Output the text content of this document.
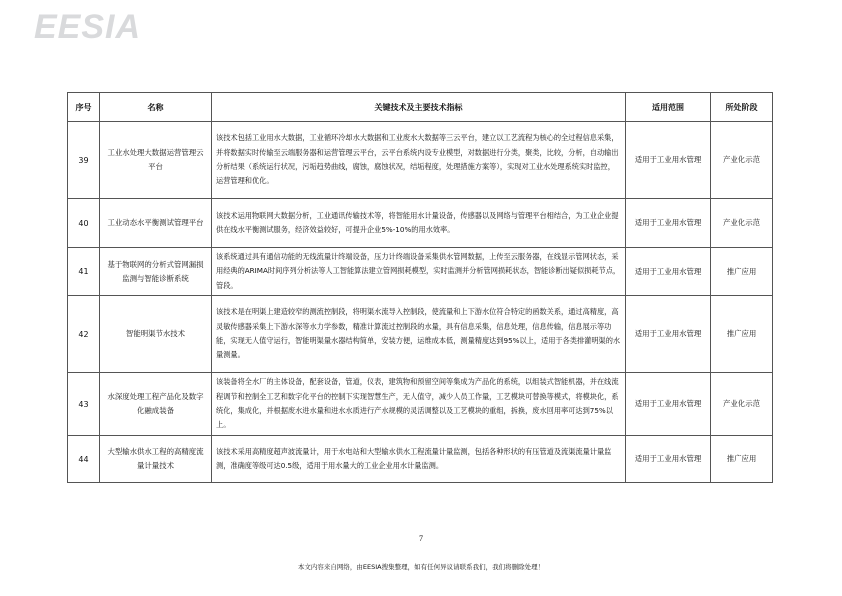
EESIA
序号	名称	关键技术及主要技术指标	适用范围	所处阶段
39	工业水处理大数据运营管理云平台	该技术包括工业用水大数据，工业循环冷却水大数据和工业废水大数据等三云平台，建立以工艺流程为核心的全过程信息采集，并将数据实时传输至云端服务器和运营管理云平台，云平台系统内设专业模型，对数据进行分类，聚类，比较，分析，自动输出分析结果（系统运行状况，污垢趋势曲线，腐蚀，腐蚀状况，结垢程度，处理措施方案等），实现对工业水处理系统实时监控，运营管理和优化。	适用于工业用水管理	产业化示范
40	工业动态水平衡测试管理平台	该技术运用物联网大数据分析，工业通讯传输技术等，将智能用水计量设备，传感器以及网络与管理平台相结合，为工业企业提供在线水平衡测试服务，经济效益较好，可提升企业5%-10%的用水效率。	适用于工业用水管理	产业化示范
41	基于物联网的分析式管网漏损监测与智能诊断系统	该系统通过具有通信功能的无线流量计终端设备，压力计终端设备采集供水管网数据，上传至云服务器，在线显示管网状态，采用经典的ARIMA时间序列分析法等人工智能算法建立管网损耗模型，实时监测并分析管网损耗状态，智能诊断出疑似损耗节点，管段。	适用于工业用水管理	推广应用
42	智能明渠节水技术	该技术是在明渠上建造较窄的测流控制段，将明渠水流导入控制段，使流量和上下游水位符合特定的函数关系，通过高精度，高灵敏传感器采集上下游水深等水力学参数，精准计算流过控制段的水量，具有信息采集，信息处理，信息传输，信息展示等功能，实现无人值守运行，智能明渠量水器结构简单，安装方便，运维成本低，测量精度达到95%以上，适用于各类排灌明渠的水量测量。	适用于工业用水管理	推广应用
43	水深度处理工程产品化及数字化融成装备	该装备将全水厂的主体设备，配套设备，管道，仪表，建筑物和预留空间等集成为产品化的系统，以组装式智能机器，并在线流程调节和控制全工艺和数字化平台的控制下实现智慧生产，无人值守，减少人员工作量，工艺模块可替换等模式，将模块化，系统化，集成化，并根据废水进水量和进水水质进行产水规模的灵活调整以及工艺模块的重组，拆换，废水回用率可达到75%以上。	适用于工业用水管理	产业化示范
44	大型输水供水工程的高精度流量计量技术	该技术采用高精度超声波流量计，用于水电站和大型输水供水工程流量计量监测，包括各种形状的有压管道及流渠流量计量监测，准确度等级可达0.5级，适用于用水量大的工业企业用水计量监测。	适用于工业用水管理	推广应用
7
本文内容来自网络，由EESIA搜集整理，如有任何异议请联系我们，我们将删除处理！
